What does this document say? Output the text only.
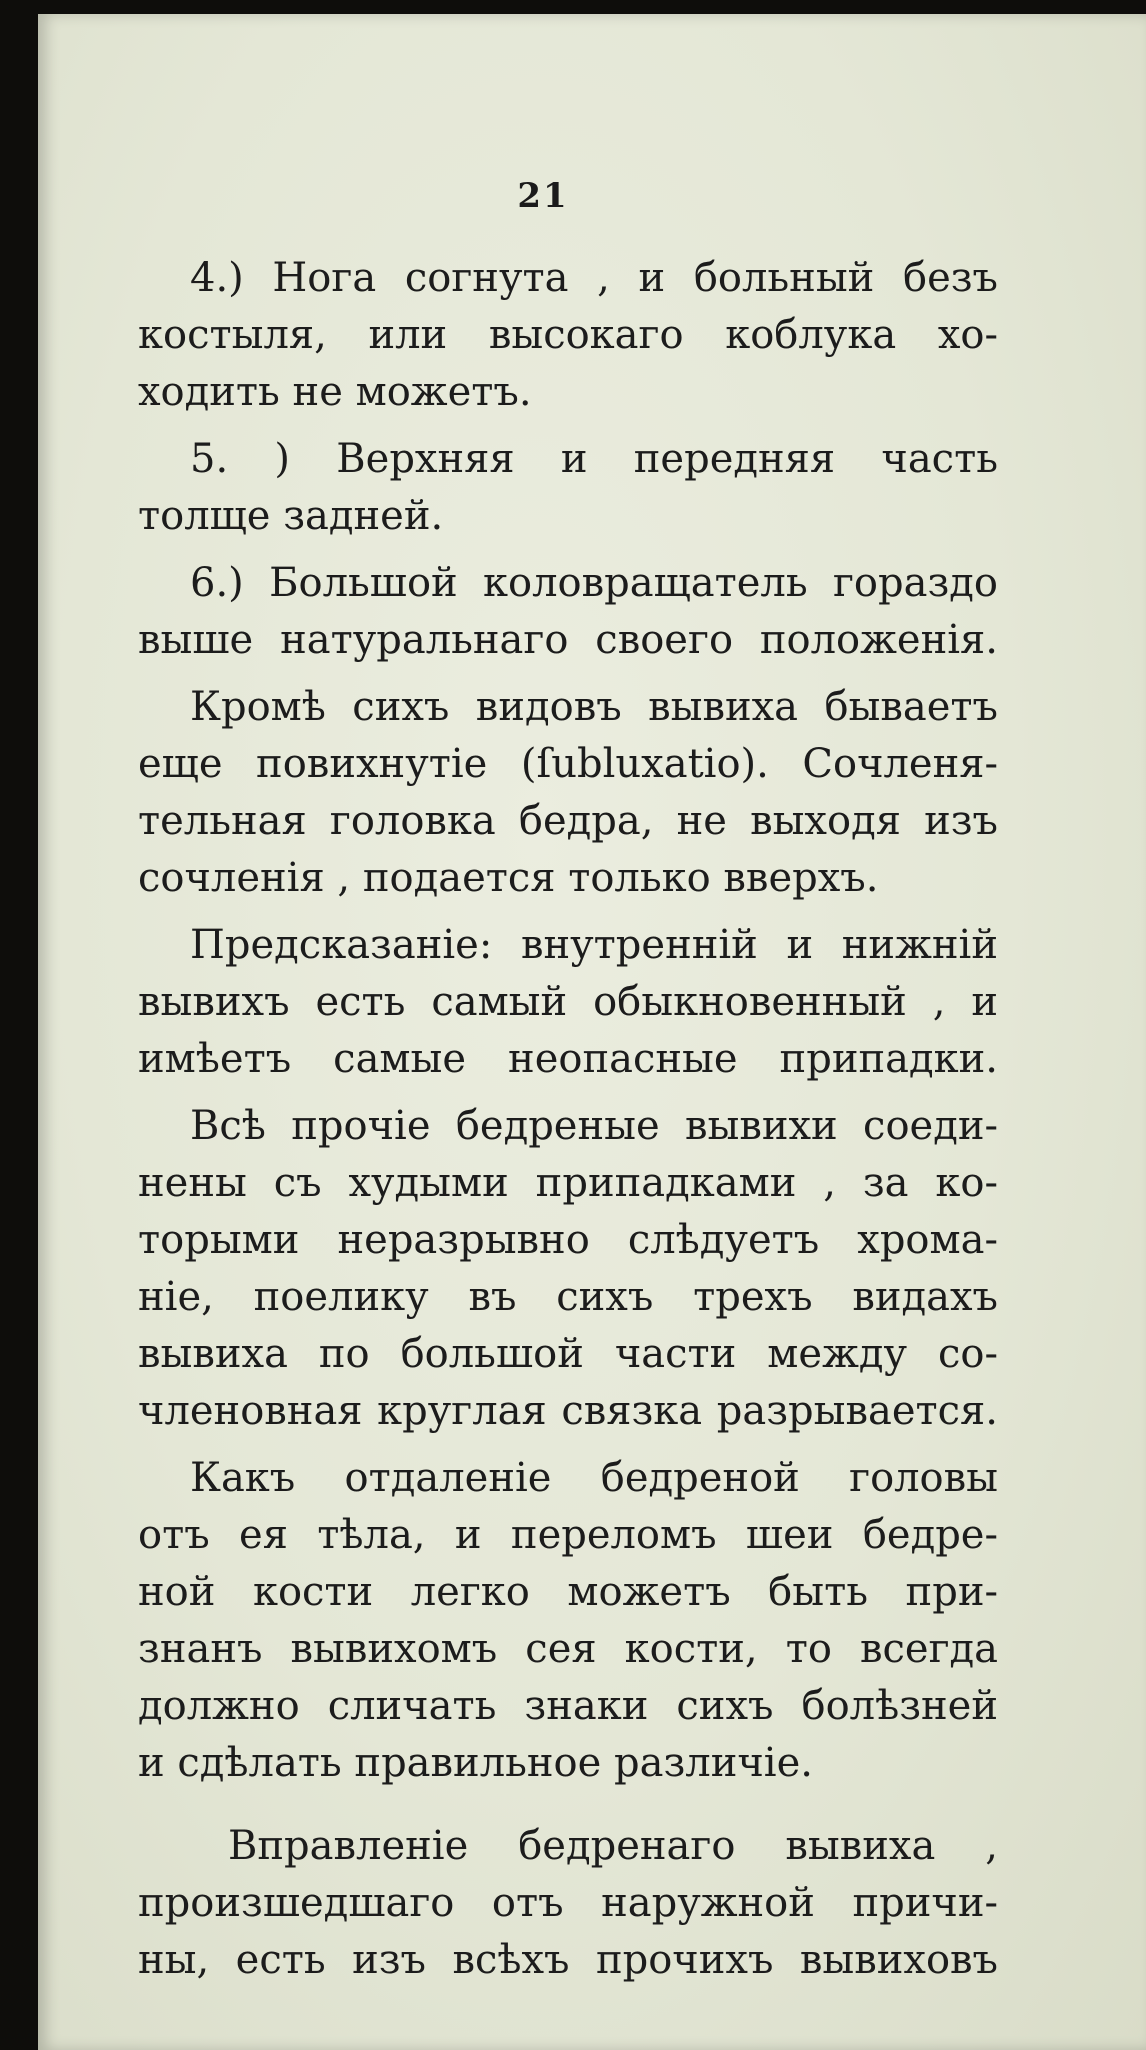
21
4.) Нога согнута , и больный безъ
костыля, или высокаго коблука хо-
ходить не можетъ.
5. ) Верхняя и передняя часть
толще задней.
6.) Большой коловращатель гораздо
выше натуральнаго своего положенія.
Кромѣ сихъ видовъ вывиха бываетъ
еще повихнутіе (ſubluxatio). Сочленя-
тельная головка бедра, не выходя изъ
сочленія , подается только вверхъ.
Предсказаніе: внутренній и нижній
вывихъ есть самый обыкновенный , и
имѣетъ самые неопасные припадки.
Всѣ прочіе бедреные вывихи соеди-
нены съ худыми припадками , за ко-
торыми неразрывно слѣдуетъ хрома-
ніе, поелику въ сихъ трехъ видахъ
вывиха по большой части между со-
членовная круглая связка разрывается.
Какъ отдаленіе бедреной головы
отъ ея тѣла, и переломъ шеи бедре-
ной кости легко можетъ быть при-
знанъ вывихомъ сея кости, то всегда
должно сличать знаки сихъ болѣзней
и сдѣлать правильное различіе.
Вправленіе бедренаго вывиха ,
произшедшаго отъ наружной причи-
ны, есть изъ всѣхъ прочихъ вывиховъ
